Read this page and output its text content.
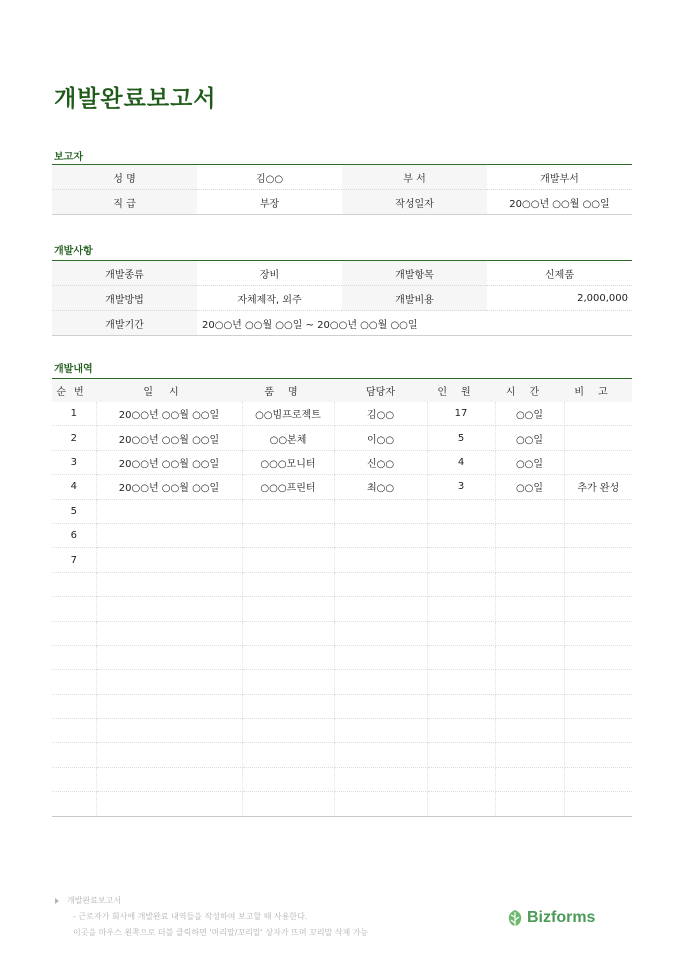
개발완료보고서
보고자
성 명	김○○	부 서	개발부서
직 급	부장	작성일자	20○○년 ○○월 ○○일
개발사항
개발종류	장비	개발항목	신제품
개발방법	자체제작, 외주	개발비용	2,000,000
개발기간	20○○년 ○○월 ○○일 ~ 20○○년 ○○월 ○○일		
개발내역
순번	일시	품명	담당자	인원	시간	비고
1	20○○년 ○○월 ○○일	○○빔프로젝트	김○○	17	○○일	
2	20○○년 ○○월 ○○일	○○본체	이○○	5	○○일	
3	20○○년 ○○월 ○○일	○○○모니터	신○○	4	○○일	
4	20○○년 ○○월 ○○일	○○○프린터	최○○	3	○○일	추가 완성
5						
6						
7						

개발완료보고서
- 근로자가 회사에 개발완료 내역들을 작성하여 보고할 때 사용한다.
이곳을 마우스 왼쪽으로 더블 클릭하면 '머리말/꼬리말' 상자가 뜨며 꼬리말 삭제 가능
Bizforms
